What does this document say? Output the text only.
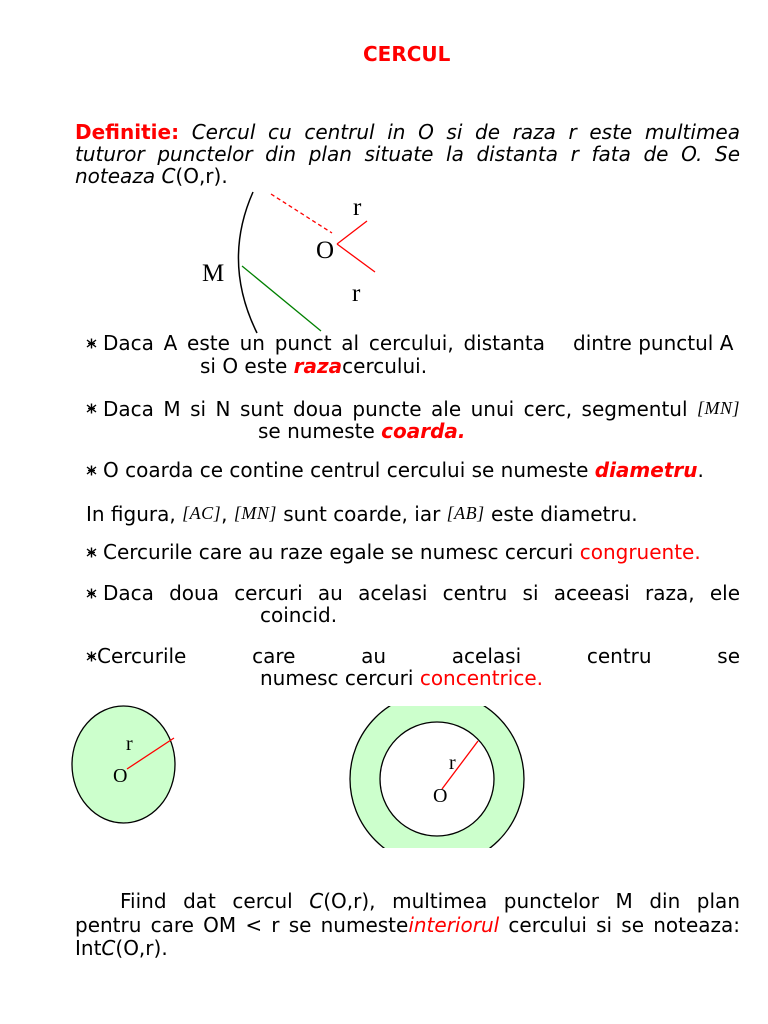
CERCUL
Definitie: Cercul cu centrul in O si de raza r este multimea
tuturor punctelor din plan situate la distanta r fata de O. Se
noteaza C(O,r).
r
O
M
r
Daca A este un punct al cercului, distanta dintre punctul A
si O este razacercului.
Daca M si N sunt doua puncte ale unui cerc, segmentul [MN]
se numeste coarda.
O coarda ce contine centrul cercului se numeste diametru.
In figura, [AC], [MN] sunt coarde, iar [AB] este diametru.
Cercurile care au raze egale se numesc cercuri congruente.
Daca doua cercuri au acelasi centru si aceeasi raza, ele
coincid.
Cercurile care au acelasi centru se
numesc cercuri concentrice.
r
O
r
O
Fiind dat cercul C(O,r), multimea punctelor M din plan
pentru care OM < r se numesteinteriorul cercului si se noteaza:
IntC(O,r).
